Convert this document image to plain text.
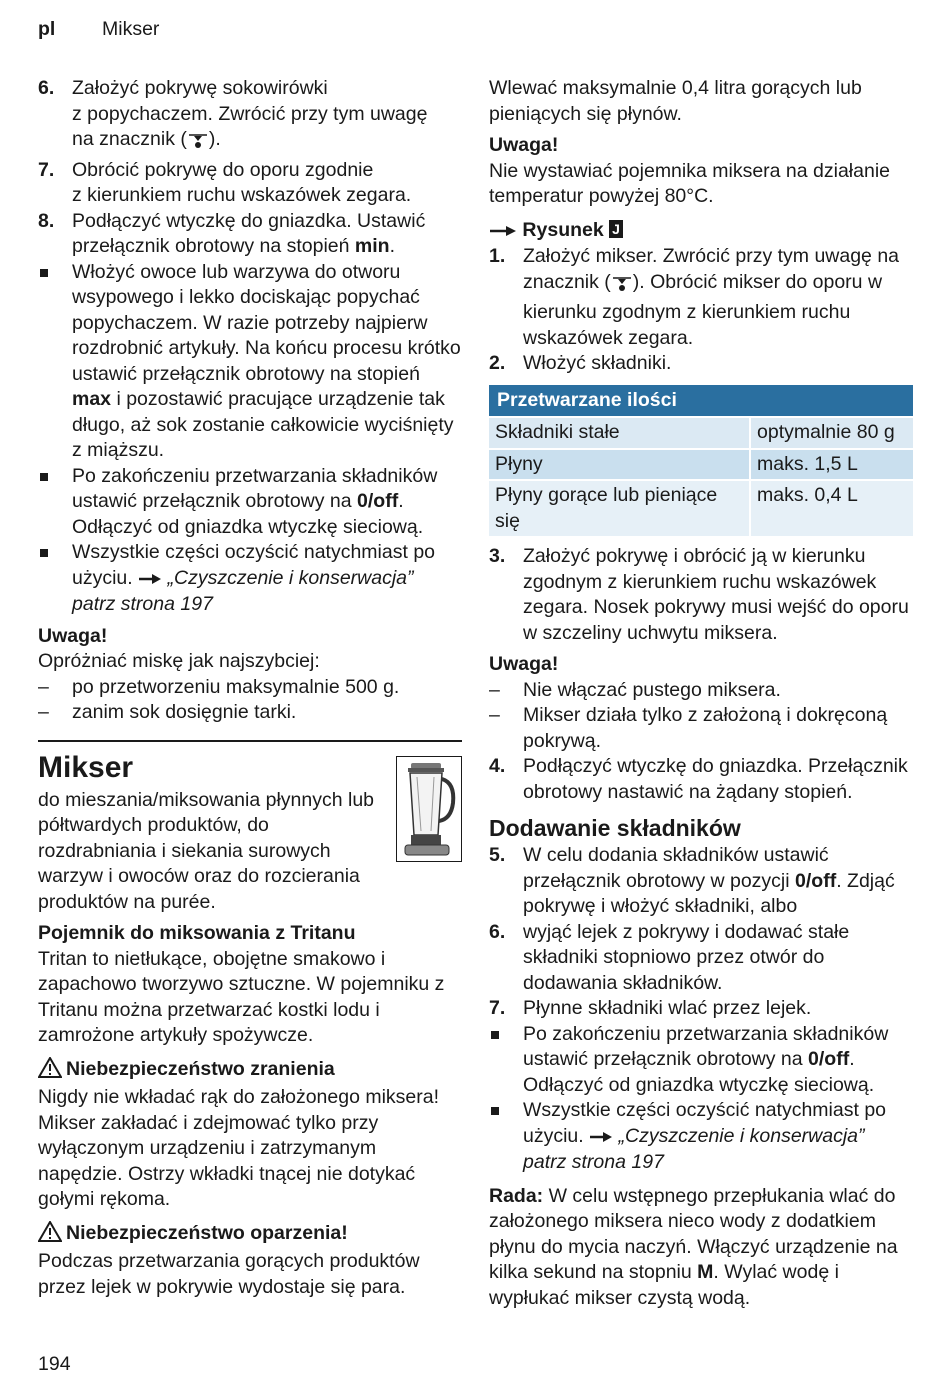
pl Mikser
6. Założyć pokrywę sokowirówki
z popychaczem. Zwrócić przy tym uwagę
na znacznik ( ).
7. Obrócić pokrywę do oporu zgodnie
z kierunkiem ruchu wskazówek zegara.
8. Podłączyć wtyczkę do gniazdka. Ustawić przełącznik obrotowy na stopień min.
Włożyć owoce lub warzywa do otworu wsypowego i lekko dociskając popychać popychaczem. W razie potrzeby najpierw rozdrobnić artykuły. Na końcu procesu krótko ustawić przełącznik obrotowy na stopień max i pozostawić pracujące urządzenie tak długo, aż sok zostanie całkowicie wyciśnięty z miąższu.
Po zakończeniu przetwarzania składników ustawić przełącznik obrotowy na 0/off. Odłączyć od gniazdka wtyczkę sieciową.
Wszystkie części oczyścić natychmiast po użyciu.  „Czyszczenie i konserwacja” patrz strona 197
Uwaga!
Opróżniać miskę jak najszybciej:
– po przetworzeniu maksymalnie 500 g.
– zanim sok dosięgnie tarki.
Mikser
do mieszania/miksowania płynnych lub półtwardych produktów, do rozdrabniania i siekania surowych warzyw i owoców oraz do rozcierania produktów na purée.
Pojemnik do miksowania z Tritanu
Tritan to nietłukące, obojętne smakowo i zapachowo tworzywo sztuczne. W pojemniku z Tritanu można przetwarzać kostki lodu i zamrożone artykuły spożywcze.
Niebezpieczeństwo zranienia
Nigdy nie wkładać rąk do założonego miksera! Mikser zakładać i zdejmować tylko przy wyłączonym urządzeniu i zatrzymanym napędzie. Ostrzy wkładki tnącej nie dotykać gołymi rękoma.
Niebezpieczeństwo oparzenia!
Podczas przetwarzania gorących produktów przez lejek w pokrywie wydostaje się para.
Wlewać maksymalnie 0,4 litra gorących lub pieniących się płynów.
Uwaga!
Nie wystawiać pojemnika miksera na działanie temperatur powyżej 80°C.
Rysunek J
1. Założyć mikser. Zwrócić przy tym uwagę na znacznik ( ). Obrócić mikser do oporu w kierunku zgodnym z kierunkiem ruchu wskazówek zegara.
2. Włożyć składniki.
Przetwarzane ilości	
Składniki stałe	optymalnie 80 g
Płyny	maks. 1,5 L
Płyny gorące lub pieniące się	maks. 0,4 L
3. Założyć pokrywę i obrócić ją w kierunku zgodnym z kierunkiem ruchu wskazówek zegara. Nosek pokrywy musi wejść do oporu w szczeliny uchwytu miksera.
Uwaga!
– Nie włączać pustego miksera.
– Mikser działa tylko z założoną i dokręconą pokrywą.
4. Podłączyć wtyczkę do gniazdka. Przełącznik obrotowy nastawić na żądany stopień.
Dodawanie składników
5. W celu dodania składników ustawić przełącznik obrotowy w pozycji 0/off. Zdjąć pokrywę i włożyć składniki, albo
6. wyjąć lejek z pokrywy i dodawać stałe składniki stopniowo przez otwór do dodawania składników.
7. Płynne składniki wlać przez lejek.
Po zakończeniu przetwarzania składników ustawić przełącznik obrotowy na 0/off. Odłączyć od gniazdka wtyczkę sieciową.
Wszystkie części oczyścić natychmiast po użyciu.  „Czyszczenie i konserwacja” patrz strona 197
Rada: W celu wstępnego przepłukania wlać do założonego miksera nieco wody z dodatkiem płynu do mycia naczyń. Włączyć urządzenie na kilka sekund na stopniu M. Wylać wodę i wypłukać mikser czystą wodą.
194
